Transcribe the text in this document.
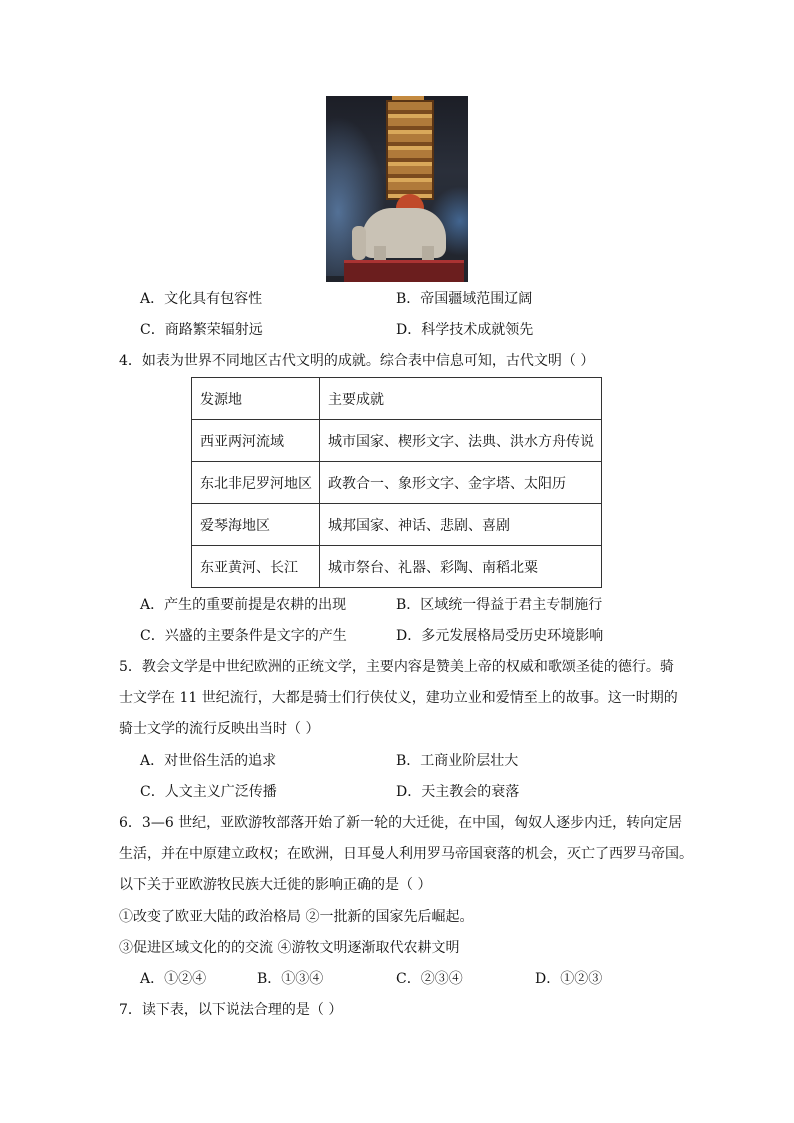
A．文化具有包容性	B．帝国疆域范围辽阔
C．商路繁荣辐射远	D．科学技术成就领先
4．如表为世界不同地区古代文明的成就。综合表中信息可知，古代文明（ ）
发源地	主要成就
西亚两河流域	城市国家、楔形文字、法典、洪水方舟传说
东北非尼罗河地区	政教合一、象形文字、金字塔、太阳历
爱琴海地区	城邦国家、神话、悲剧、喜剧
东亚黄河、长江	城市祭台、礼器、彩陶、南稻北粟
A．产生的重要前提是农耕的出现	B．区域统一得益于君主专制施行
C．兴盛的主要条件是文字的产生	D．多元发展格局受历史环境影响
5．教会文学是中世纪欧洲的正统文学，主要内容是赞美上帝的权威和歌颂圣徒的德行。骑
士文学在 11 世纪流行，大都是骑士们行侠仗义，建功立业和爱情至上的故事。这一时期的
骑士文学的流行反映出当时（ ）
A．对世俗生活的追求	B．工商业阶层壮大
C．人文主义广泛传播	D．天主教会的衰落
6．3—6 世纪，亚欧游牧部落开始了新一轮的大迁徙，在中国，匈奴人逐步内迁，转向定居
生活，并在中原建立政权；在欧洲，日耳曼人利用罗马帝国衰落的机会，灭亡了西罗马帝国。
以下关于亚欧游牧民族大迁徙的影响正确的是（ ）
①改变了欧亚大陆的政治格局 ②一批新的国家先后崛起。
③促进区域文化的的交流 ④游牧文明逐渐取代农耕文明
A．①②④	B．①③④	C．②③④	D．①②③
7．读下表，以下说法合理的是（ ）
